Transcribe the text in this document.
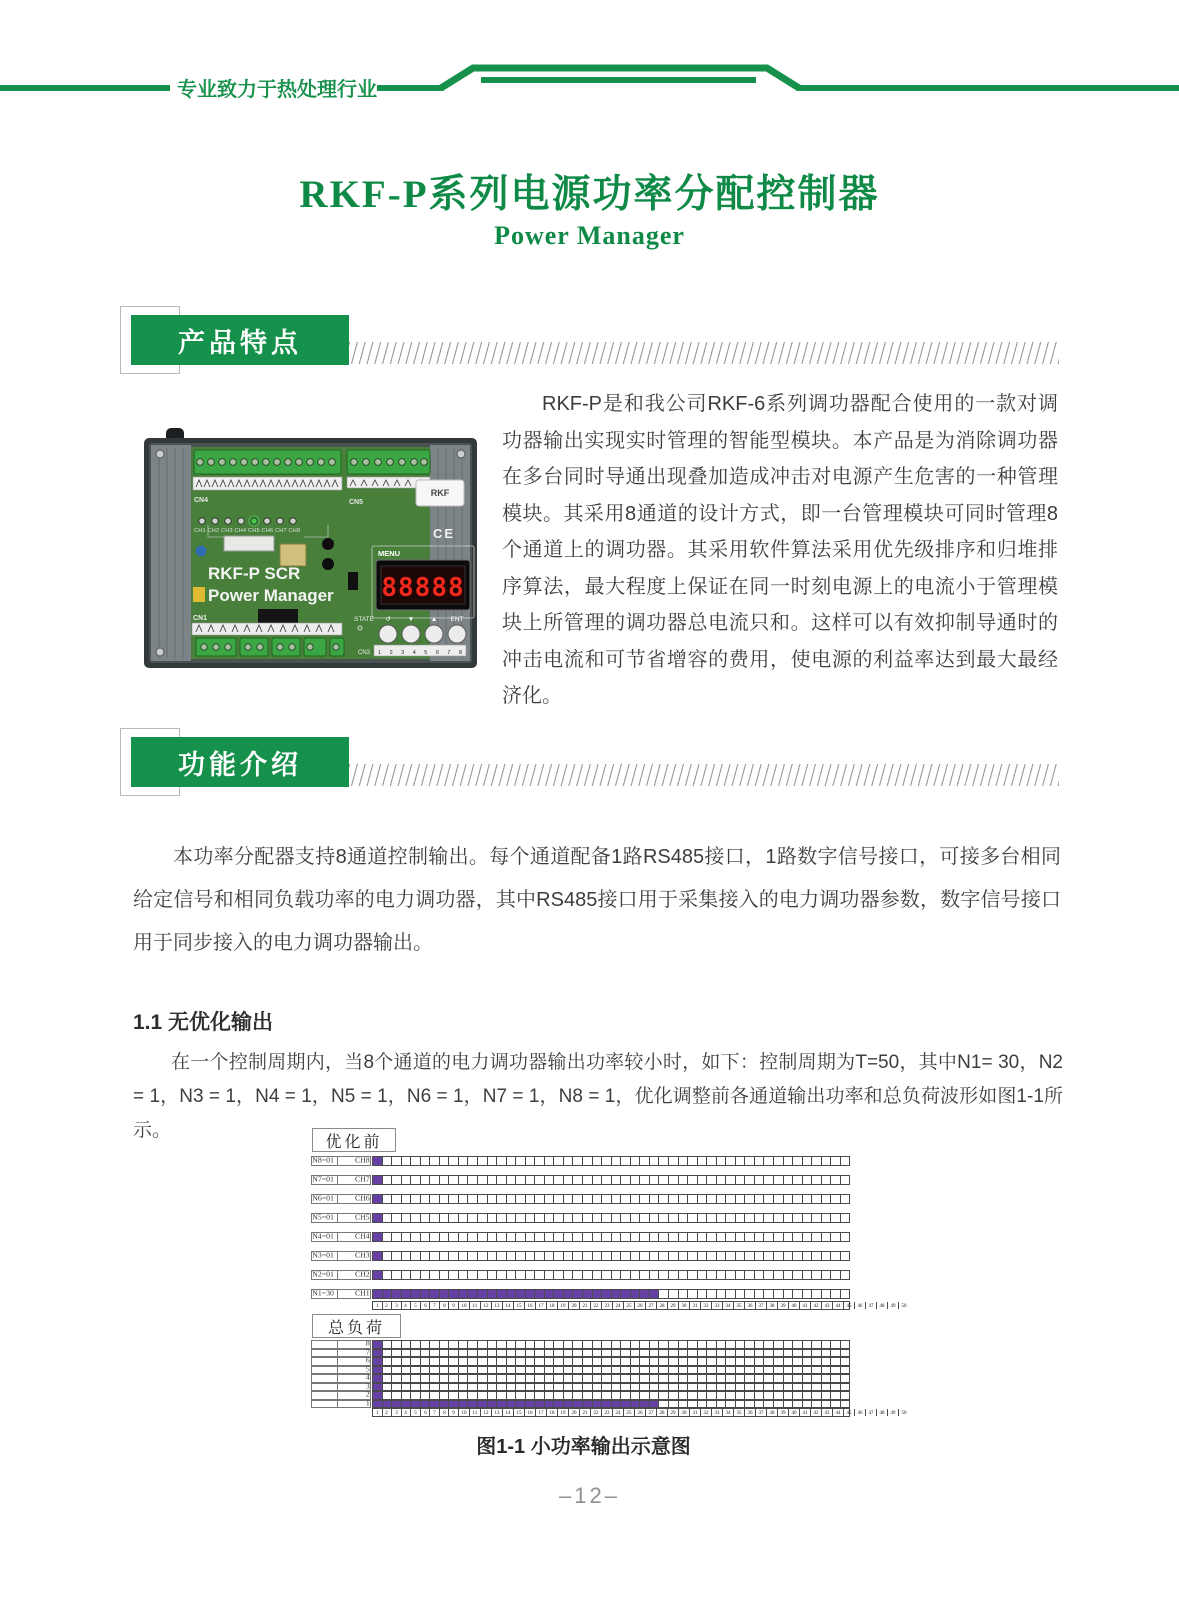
专业致力于热处理行业
RKF-P系列电源功率分配控制器
Power Manager
产品特点
CN4	CN5
CH1 CH2 CH3 CH4 CH5 CH6 CH7 CH8
RKF-P SCR
Power Manager
RKF
CE
MENU
88888
↺	▼	▲ ENT
STATE
CN1
1 2 3 4 5 6 7 8
CN3

RKF-P是和我公司RKF-6系列调功器配合使用的一款对调功器输出实现实时管理的智能型模块。本产品是为消除调功器在多台同时导通出现叠加造成冲击对电源产生危害的一种管理模块。其采用8通道的设计方式，即一台管理模块可同时管理8个通道上的调功器。其采用软件算法采用优先级排序和归堆排序算法，最大程度上保证在同一时刻电源上的电流小于管理模块上所管理的调功器总电流只和。这样可以有效抑制导通时的冲击电流和可节省增容的费用，使电源的利益率达到最大最经济化。

功能介绍

本功率分配器支持8通道控制输出。每个通道配备1路RS485接口，1路数字信号接口，可接多台相同给定信号和相同负载功率的电力调功器，其中RS485接口用于采集接入的电力调功器参数，数字信号接口用于同步接入的电力调功器输出。

1.1 无优化输出

在一个控制周期内，当8个通道的电力调功器输出功率较小时，如下：控制周期为T=50，其中N1= 30，N2 = 1，N3 = 1，N4 = 1，N5 = 1，N6 = 1，N7 = 1，N8 = 1，优化调整前各通道输出功率和总负荷波形如图1-1所示。

优化前
N8=01 CH8
N7=01 CH7
N6=01 CH6
N5=01 CH5
N4=01 CH4
N3=01 CH3
N2=01 CH2
N1=30 CH1
1 2 3 4 5 6 7 8 9 10 11 12 13 14 15 16 17 18 19 20 21 22 23 24 25 26 27 28 29 30 31 32 33 34 35 36 37 38 39 40 41 42 43 44 45 46 47 48 49 50
总负荷
8
7
6
5
4
3
2
1
1 2 3 4 5 6 7 8 9 10 11 12 13 14 15 16 17 18 19 20 21 22 23 24 25 26 27 28 29 30 31 32 33 34 35 36 37 38 39 40 41 42 43 44 45 46 47 48 49 50

图1-1 小功率输出示意图

–12–
